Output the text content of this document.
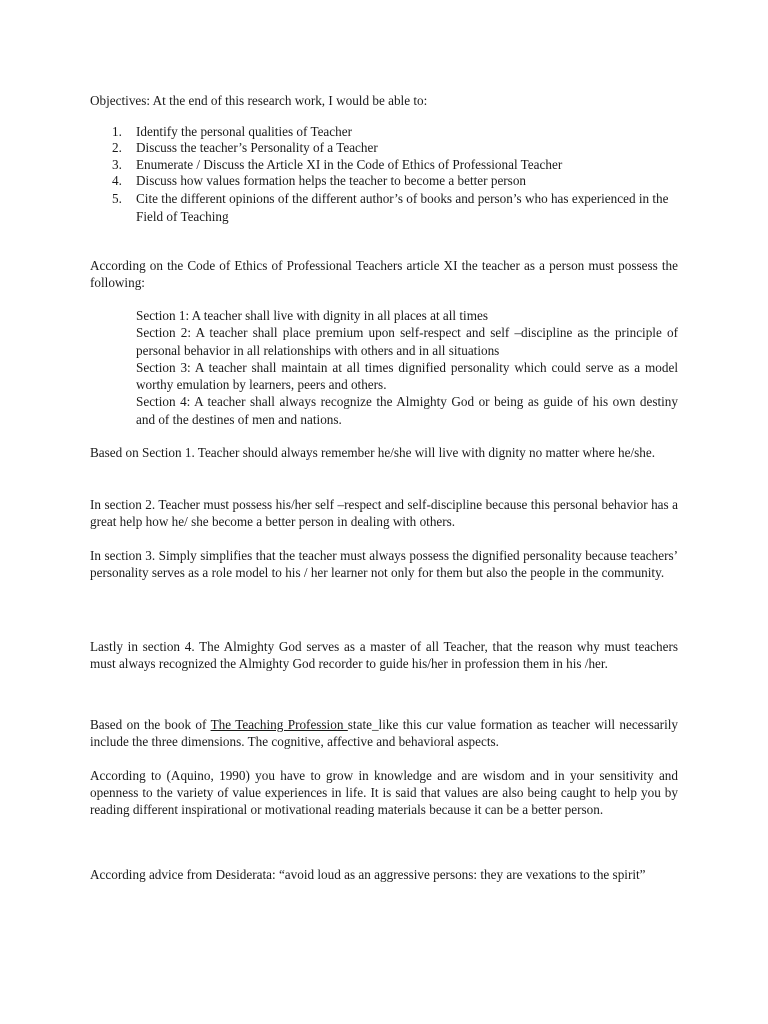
Objectives: At the end of this research work, I would be able to:

1. Identify the personal qualities of Teacher
2. Discuss the teacher’s Personality of a Teacher
3. Enumerate / Discuss the Article XI in the Code of Ethics of Professional Teacher
4. Discuss how values formation helps the teacher to become a better person
5. Cite the different opinions of the different author’s of books and person’s who has experienced in the Field of Teaching

According on the Code of Ethics of Professional Teachers article XI the teacher as a person must possess the following:

Section 1: A teacher shall live with dignity in all places at all times

Section 2: A teacher shall place premium upon self-respect and self –discipline as the principle of personal behavior in all relationships with others and in all situations

Section 3: A teacher shall maintain at all times dignified personality which could serve as a model worthy emulation by learners, peers and others.

Section 4: A teacher shall always recognize the Almighty God or being as guide of his own destiny and of the destines of men and nations.

Based on Section 1. Teacher should always remember he/she will live with dignity no matter where he/she.

In section 2. Teacher must possess his/her self –respect and self-discipline because this personal behavior has a great help how he/ she become a better person in dealing with others.

In section 3. Simply simplifies that the teacher must always possess the dignified personality because teachers’ personality serves as a role model to his / her learner not only for them but also the people in the community.

Lastly in section 4. The Almighty God serves as a master of all Teacher, that the reason why must teachers must always recognized the Almighty God recorder to guide his/her in profession them in his /her.

Based on the book of The Teaching Profession state_like this cur value formation as teacher will necessarily include the three dimensions. The cognitive, affective and behavioral aspects.

According to (Aquino, 1990) you have to grow in knowledge and are wisdom and in your sensitivity and openness to the variety of value experiences in life. It is said that values are also being caught to help you by reading different inspirational or motivational reading materials because it can be a better person.

According advice from Desiderata: “avoid loud as an aggressive persons: they are vexations to the spirit”
